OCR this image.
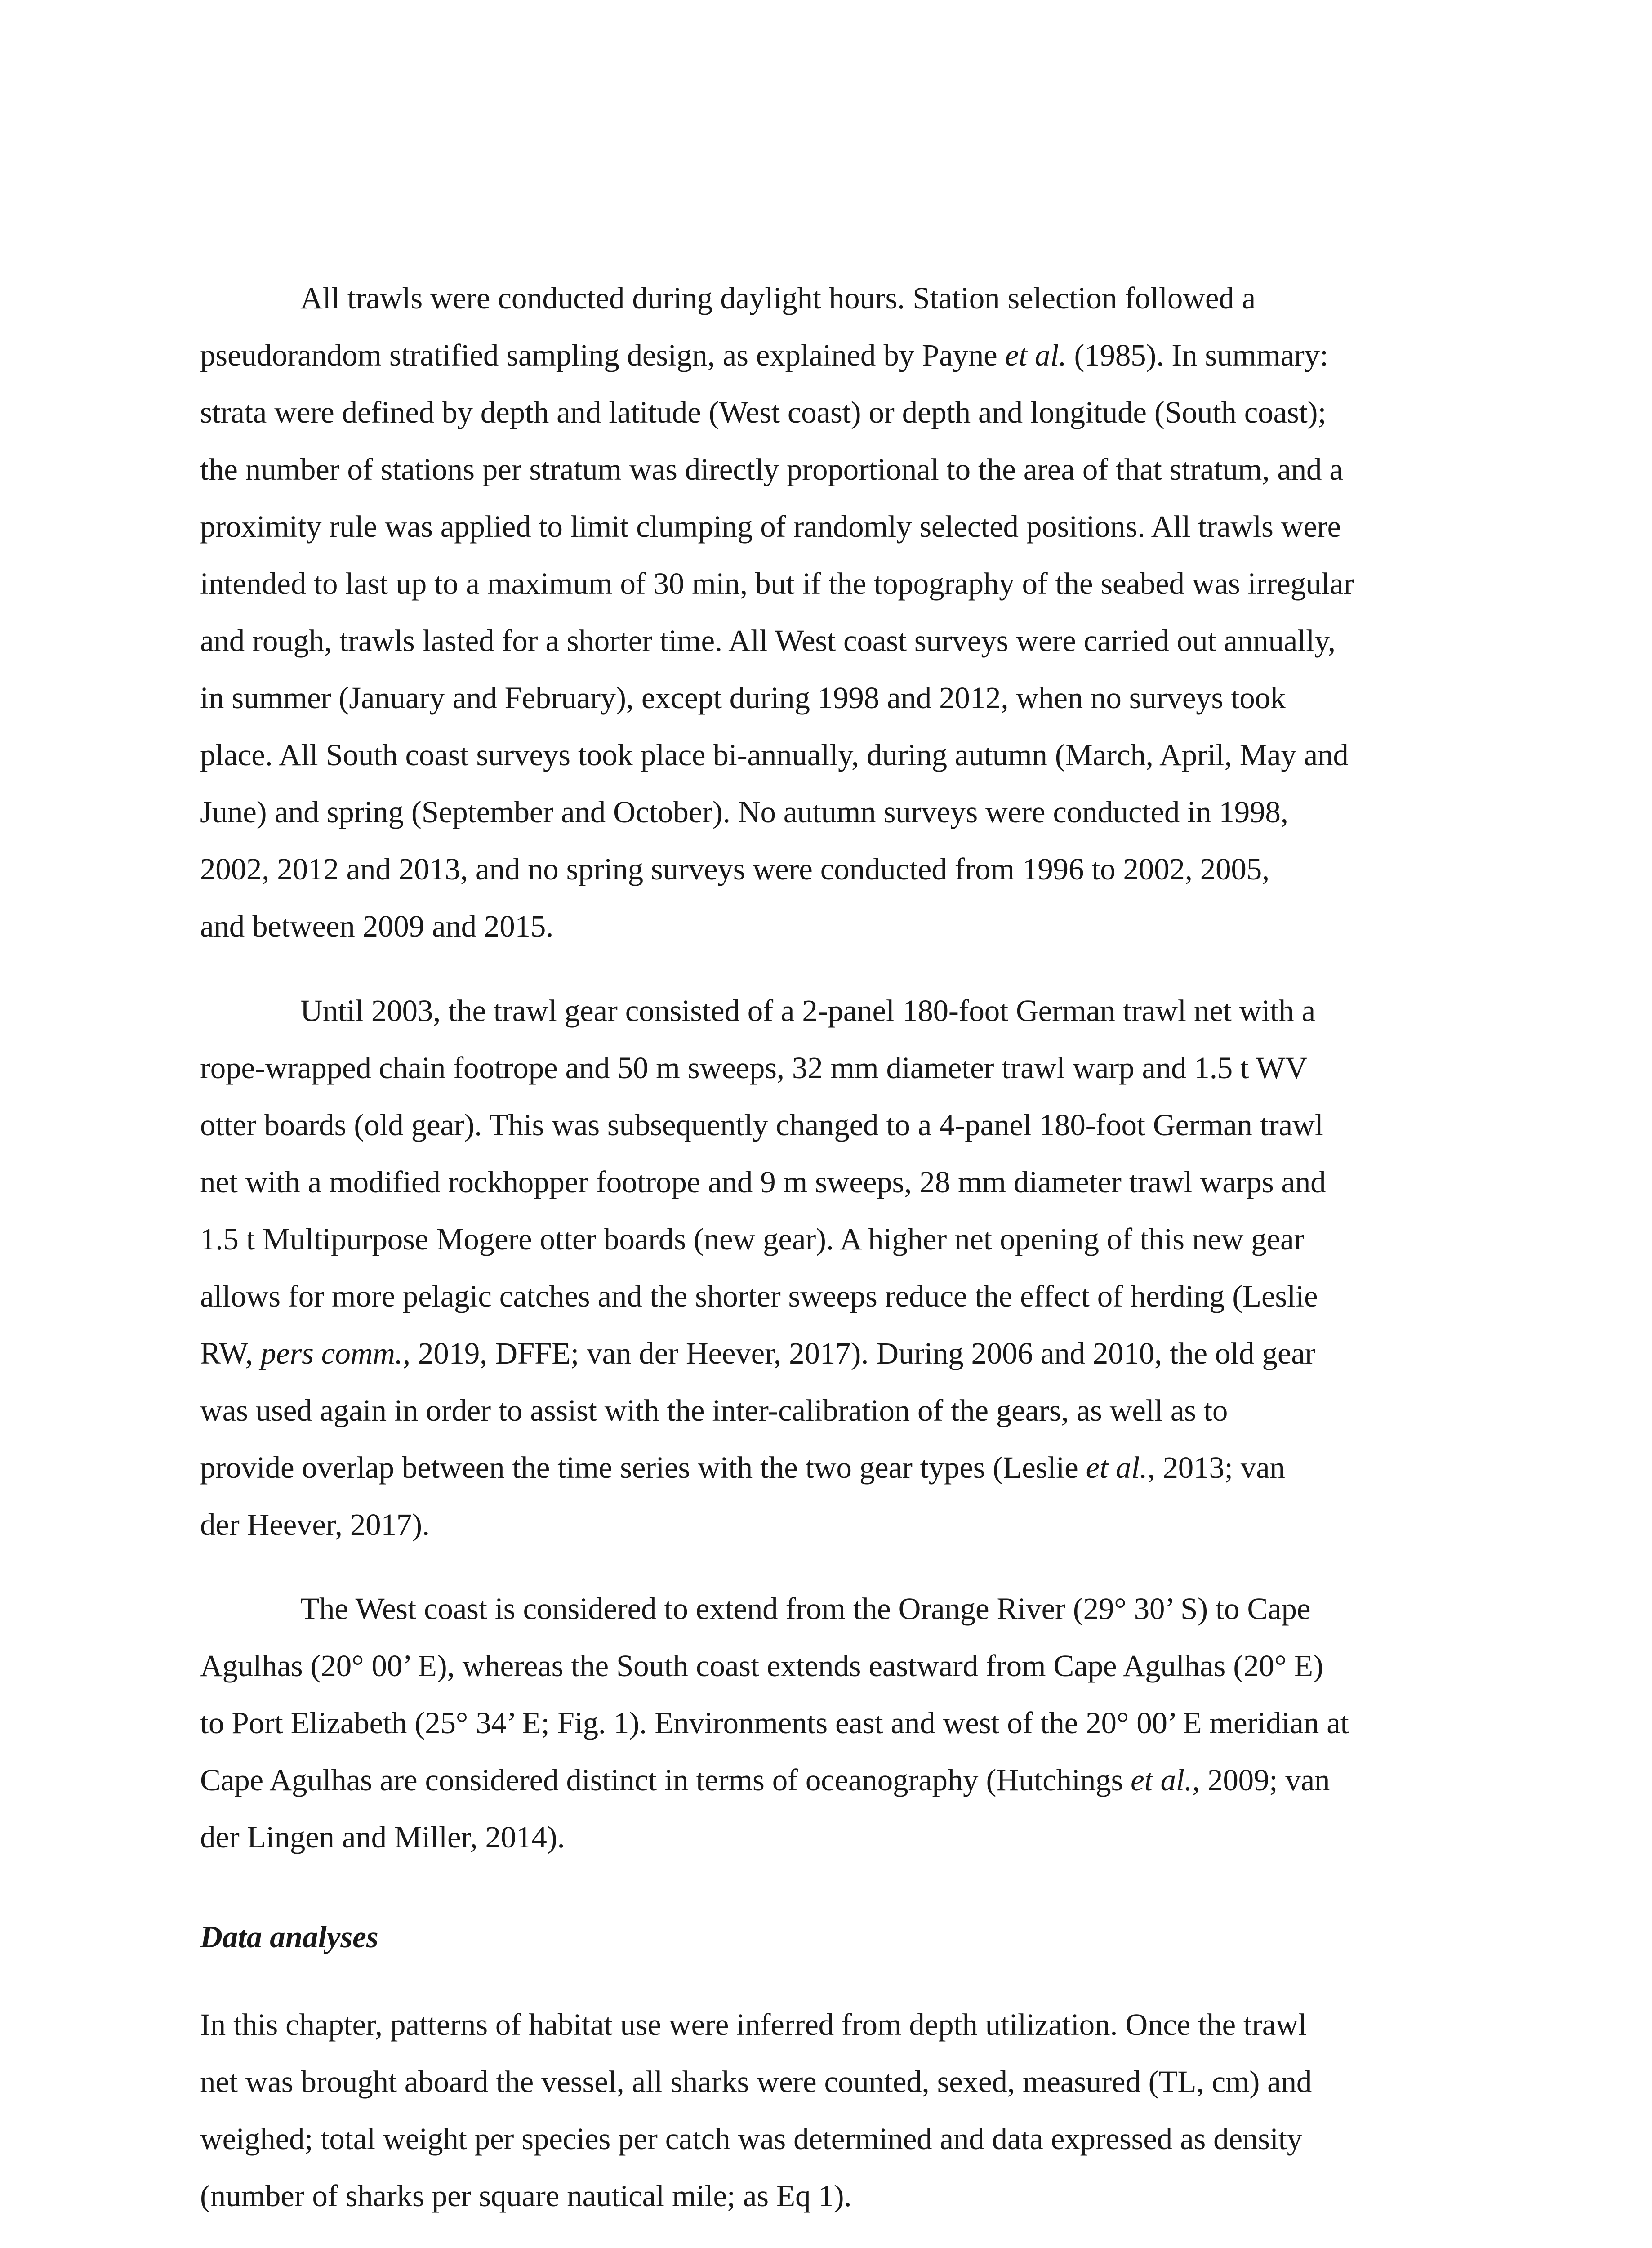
All trawls were conducted during daylight hours. Station selection followed a
pseudorandom stratified sampling design, as explained by Payne et al. (1985). In summary:
strata were defined by depth and latitude (West coast) or depth and longitude (South coast);
the number of stations per stratum was directly proportional to the area of that stratum, and a
proximity rule was applied to limit clumping of randomly selected positions. All trawls were
intended to last up to a maximum of 30 min, but if the topography of the seabed was irregular
and rough, trawls lasted for a shorter time. All West coast surveys were carried out annually,
in summer (January and February), except during 1998 and 2012, when no surveys took
place. All South coast surveys took place bi-annually, during autumn (March, April, May and
June) and spring (September and October). No autumn surveys were conducted in 1998,
2002, 2012 and 2013, and no spring surveys were conducted from 1996 to 2002, 2005,
and between 2009 and 2015.
Until 2003, the trawl gear consisted of a 2-panel 180-foot German trawl net with a
rope-wrapped chain footrope and 50 m sweeps, 32 mm diameter trawl warp and 1.5 t WV
otter boards (old gear). This was subsequently changed to a 4-panel 180-foot German trawl
net with a modified rockhopper footrope and 9 m sweeps, 28 mm diameter trawl warps and
1.5 t Multipurpose Mogere otter boards (new gear). A higher net opening of this new gear
allows for more pelagic catches and the shorter sweeps reduce the effect of herding (Leslie
RW, pers comm., 2019, DFFE; van der Heever, 2017). During 2006 and 2010, the old gear
was used again in order to assist with the inter-calibration of the gears, as well as to
provide overlap between the time series with the two gear types (Leslie et al., 2013; van
der Heever, 2017).
The West coast is considered to extend from the Orange River (29° 30’ S) to Cape
Agulhas (20° 00’ E), whereas the South coast extends eastward from Cape Agulhas (20° E)
to Port Elizabeth (25° 34’ E; Fig. 1). Environments east and west of the 20° 00’ E meridian at
Cape Agulhas are considered distinct in terms of oceanography (Hutchings et al., 2009; van
der Lingen and Miller, 2014).
Data analyses
In this chapter, patterns of habitat use were inferred from depth utilization. Once the trawl
net was brought aboard the vessel, all sharks were counted, sexed, measured (TL, cm) and
weighed; total weight per species per catch was determined and data expressed as density
(number of sharks per square nautical mile; as Eq 1).
